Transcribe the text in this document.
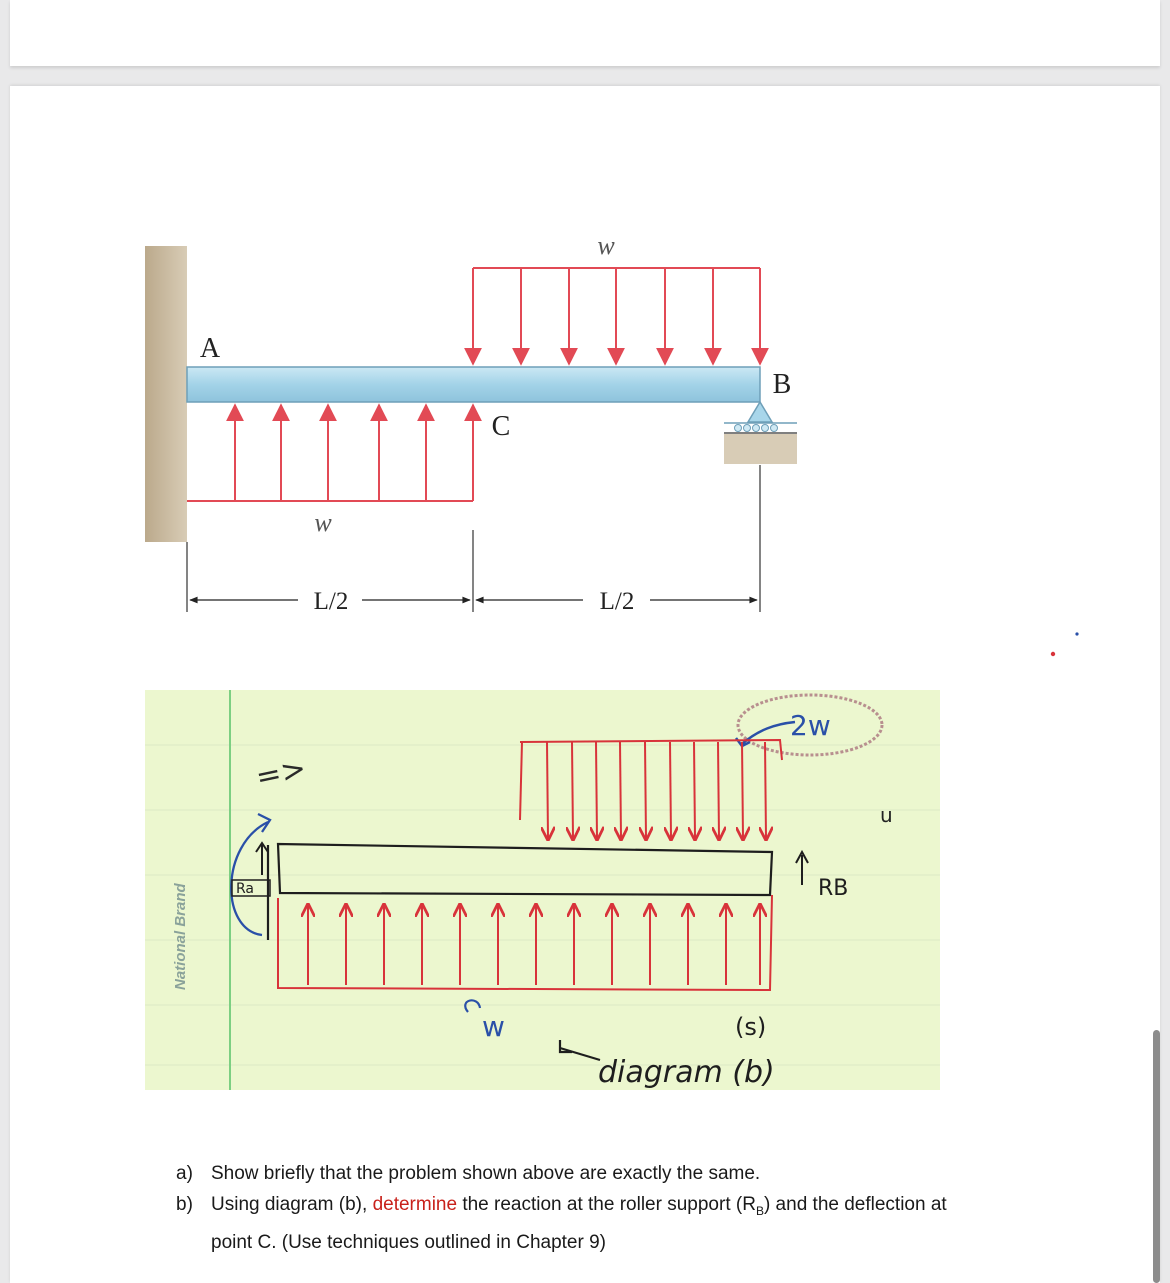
w
w
A
B
C
L/2	L/2
National Brand
=>
2w
u
Ra	RB
w	(s)
diagram (b)
a) Show briefly that the problem shown above are exactly the same.
b) Using diagram (b), determine the reaction at the roller support $(R_B)$ and the deflection at point C. (Use techniques outlined in Chapter 9)
